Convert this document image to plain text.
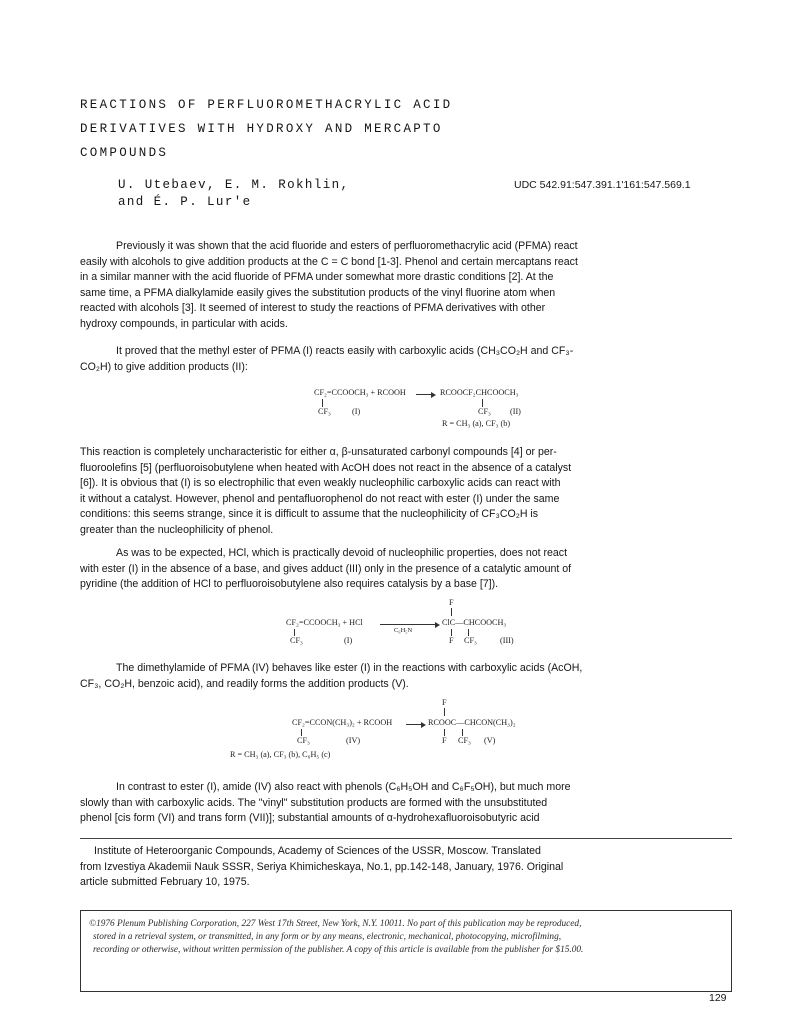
REACTIONS OF PERFLUOROMETHACRYLIC ACID
DERIVATIVES WITH HYDROXY AND MERCAPTO
COMPOUNDS
U. Utebaev, E. M. Rokhlin,
and É. P. Lur'e
UDC 542.91:547.391.1'161:547.569.1
Previously it was shown that the acid fluoride and esters of perfluoromethacrylic acid (PFMA) react
easily with alcohols to give addition products at the C = C bond [1-3]. Phenol and certain mercaptans react
in a similar manner with the acid fluoride of PFMA under somewhat more drastic conditions [2]. At the
same time, a PFMA dialkylamide easily gives the substitution products of the vinyl fluorine atom when
reacted with alcohols [3]. It seemed of interest to study the reactions of PFMA derivatives with other
hydroxy compounds, in particular with acids.
It proved that the methyl ester of PFMA (I) reacts easily with carboxylic acids (CH₃CO₂H and CF₃-
CO₂H) to give addition products (II):
CF₂=CCOOCH₃ + RCOOH → RCOOCF₂CHCOOCH₃
CF₃	(I)	CF₃ (II)
R = CH₃ (a), CF₃ (b)
This reaction is completely uncharacteristic for either α, β-unsaturated carbonyl compounds [4] or per-
fluoroolefins [5] (perfluoroisobutylene when heated with AcOH does not react in the absence of a catalyst
[6]). It is obvious that (I) is so electrophilic that even weakly nucleophilic carboxylic acids can react with
it without a catalyst. However, phenol and pentafluorophenol do not react with ester (I) under the same
conditions: this seems strange, since it is difficult to assume that the nucleophilicity of CF₃CO₂H is
greater than the nucleophilicity of phenol.
As was to be expected, HCl, which is practically devoid of nucleophilic properties, does not react
with ester (I) in the absence of a base, and gives adduct (III) only in the presence of a catalytic amount of
pyridine (the addition of HCl to perfluoroisobutylene also requires catalysis by a base [7]).
F
CF₂=CCOOCH₃ + HCl
C₆H₅N
ClC—CHCOOCH₃
CF₃	(I)	F CF₃	(III)
The dimethylamide of PFMA (IV) behaves like ester (I) in the reactions with carboxylic acids (AcOH,
CF₃, CO₂H, benzoic acid), and readily forms the addition products (V).
F
CF₂=CCON(CH₃)₂ + RCOOH → RCOOC—CHCON(CH₃)₂
CF₃	(IV)	F CF₃ (V)
R = CH₃ (a), CF₃ (b), C₆H₅ (c)
In contrast to ester (I), amide (IV) also react with phenols (C₆H₅OH and C₆F₅OH), but much more
slowly than with carboxylic acids. The "vinyl" substitution products are formed with the unsubstituted
phenol [cis form (VI) and trans form (VII)]; substantial amounts of α-hydrohexafluoroisobutyric acid
Institute of Heteroorganic Compounds, Academy of Sciences of the USSR, Moscow. Translated
from Izvestiya Akademii Nauk SSSR, Seriya Khimicheskaya, No.1, pp.142-148, January, 1976. Original
article submitted February 10, 1975.
©1976 Plenum Publishing Corporation, 227 West 17th Street, New York, N.Y. 10011. No part of this publication may be reproduced,
stored in a retrieval system, or transmitted, in any form or by any means, electronic, mechanical, photocopying, microfilming,
recording or otherwise, without written permission of the publisher. A copy of this article is available from the publisher for $15.00.
129
